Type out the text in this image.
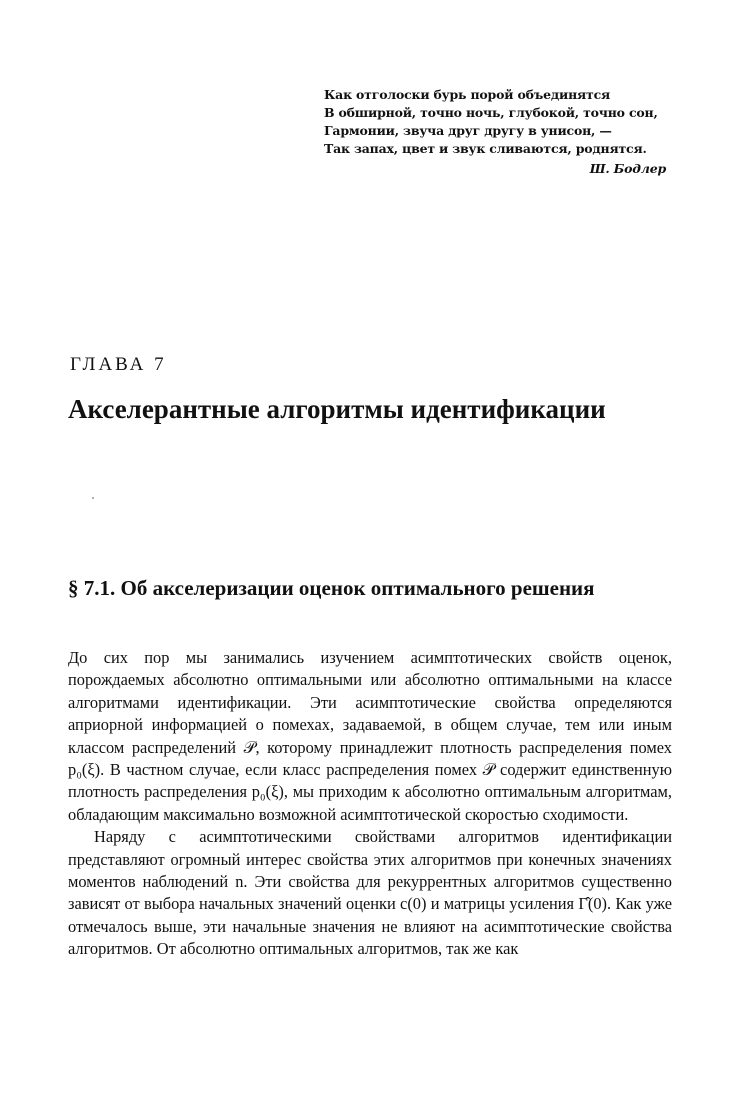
Как отголоски бурь порой объединятся
В обширной, точно ночь, глубокой, точно сон,
Гармонии, звуча друг другу в унисон, —
Так запах, цвет и звук сливаются, роднятся.
Ш. Бодлер
ГЛАВА 7
Акселерантные алгоритмы идентификации
§ 7.1. Об акселеризации оценок оптимального решения

До сих пор мы занимались изучением асимптотических свойств оценок, порождаемых абсолютно оптимальными или абсолютно оптимальными на классе алгоритмами идентификации. Эти асимптотические свойства определяются априорной информацией о помехах, задаваемой, в общем случае, тем или иным классом распределений 𝒫, которому принадлежит плотность распределения помех p₀(ξ). В частном случае, если класс распределения помех 𝒫 содержит единственную плотность распределения p₀(ξ), мы приходим к абсолютно оптимальным алгоритмам, обладающим максимально возможной асимптотической скоростью сходимости.

Наряду с асимптотическими свойствами алгоритмов идентификации представляют огромный интерес свойства этих алгоритмов при конечных значениях моментов наблюдений n. Эти свойства для рекуррентных алгоритмов существенно зависят от выбора начальных значений оценки c(0) и матрицы усиления Γ̂(0). Как уже отмечалось выше, эти начальные значения не влияют на асимптотические свойства алгоритмов. От абсолютно оптимальных алгоритмов, так же как
